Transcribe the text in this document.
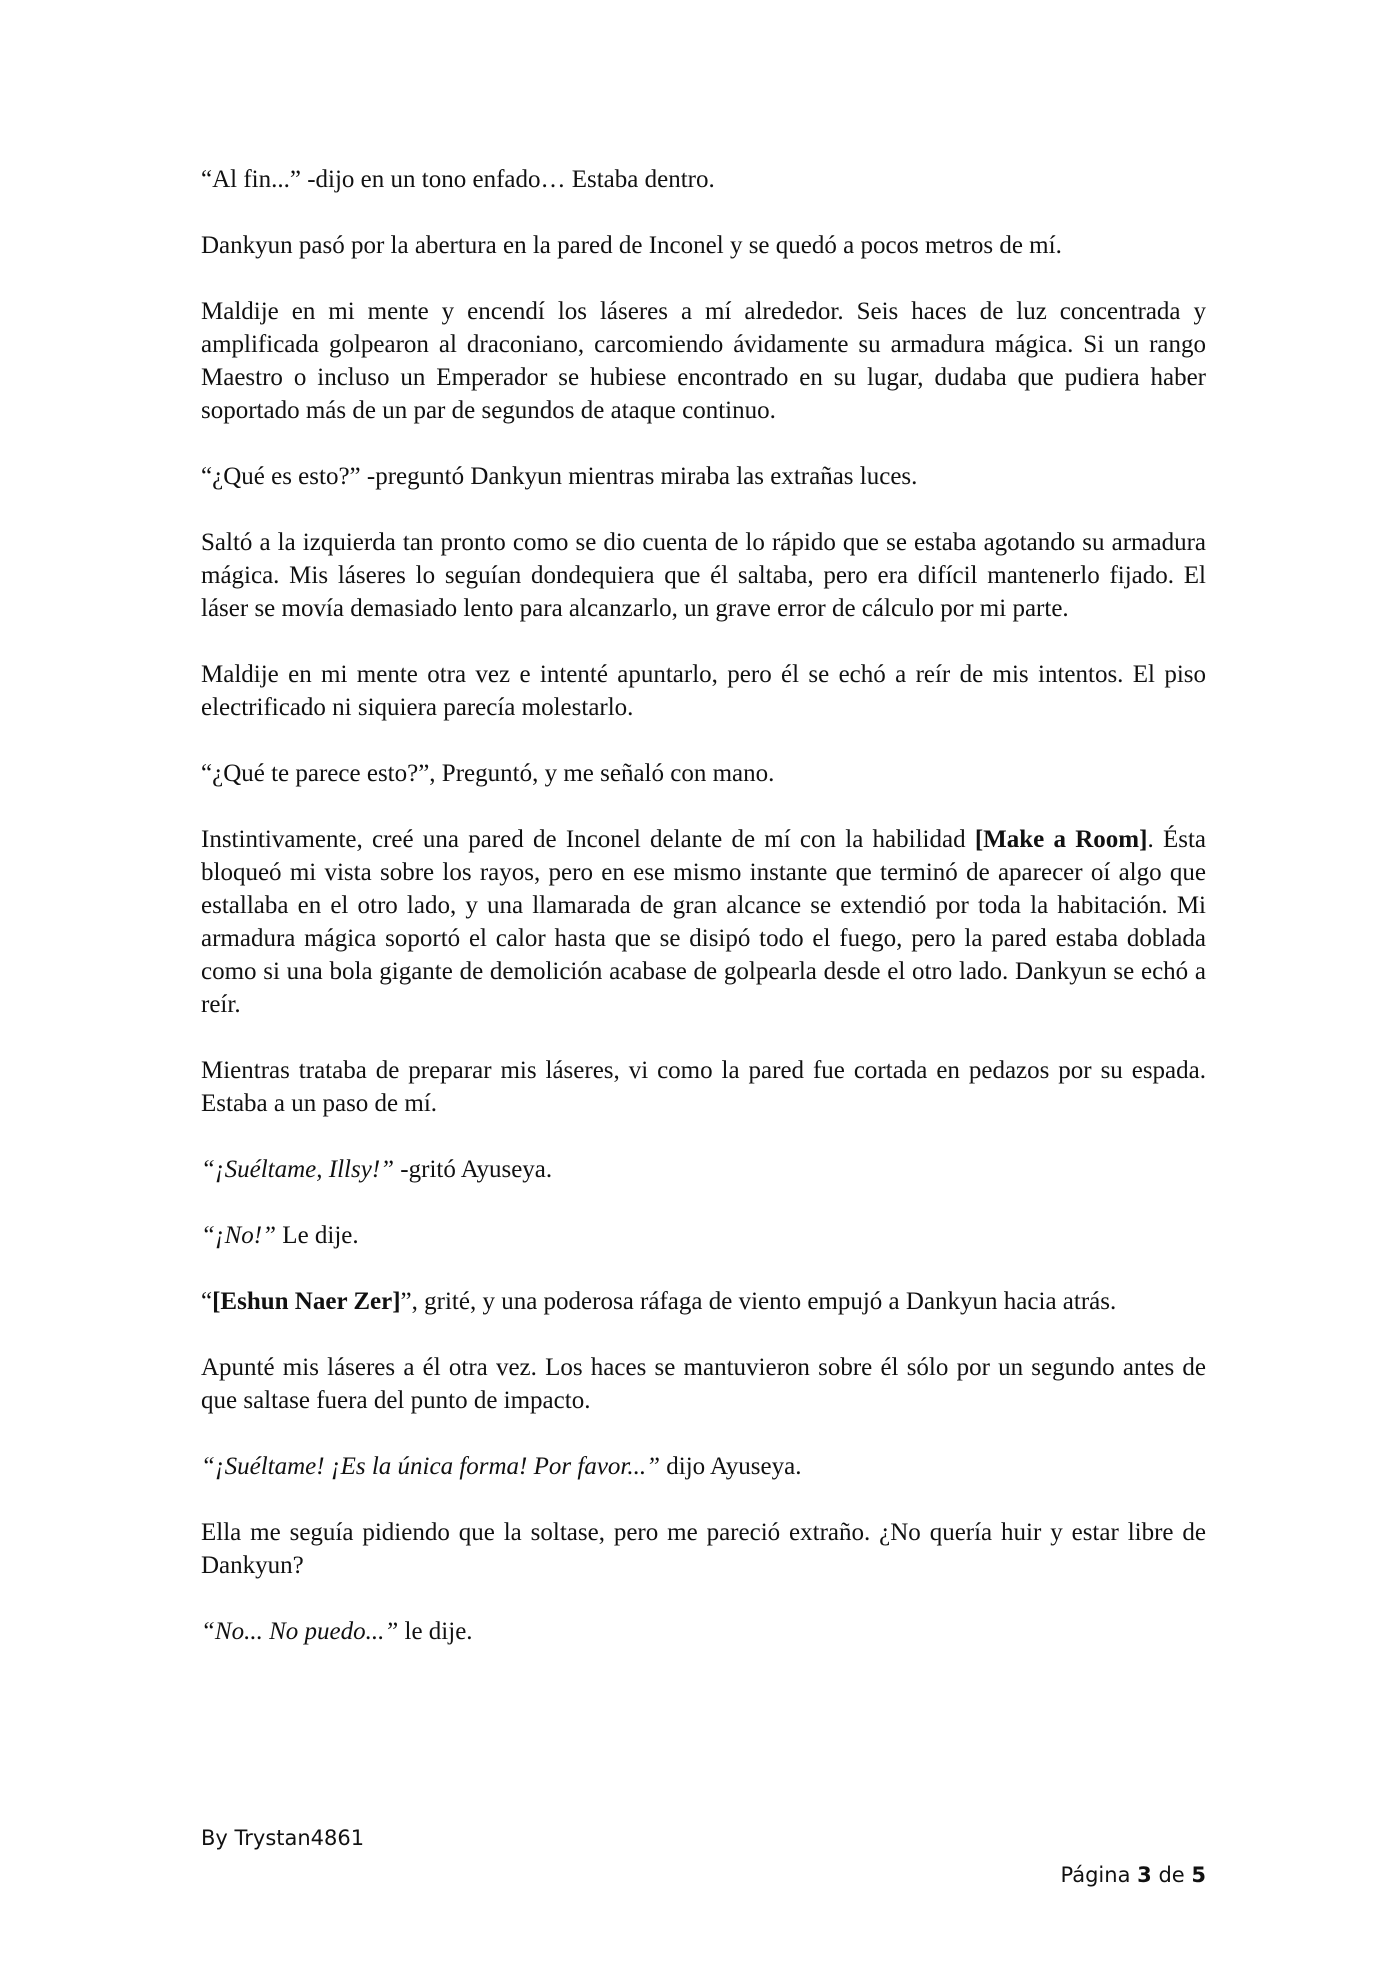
“Al fin...” -dijo en un tono enfado… Estaba dentro.

Dankyun pasó por la abertura en la pared de Inconel y se quedó a pocos metros de mí.

Maldije en mi mente y encendí los láseres a mí alrededor. Seis haces de luz concentrada y amplificada golpearon al draconiano, carcomiendo ávidamente su armadura mágica. Si un rango Maestro o incluso un Emperador se hubiese encontrado en su lugar, dudaba que pudiera haber soportado más de un par de segundos de ataque continuo.

“¿Qué es esto?” -preguntó Dankyun mientras miraba las extrañas luces.

Saltó a la izquierda tan pronto como se dio cuenta de lo rápido que se estaba agotando su armadura mágica. Mis láseres lo seguían dondequiera que él saltaba, pero era difícil mantenerlo fijado. El láser se movía demasiado lento para alcanzarlo, un grave error de cálculo por mi parte.

Maldije en mi mente otra vez e intenté apuntarlo, pero él se echó a reír de mis intentos. El piso electrificado ni siquiera parecía molestarlo.

“¿Qué te parece esto?”, Preguntó, y me señaló con mano.

Instintivamente, creé una pared de Inconel delante de mí con la habilidad [Make a Room]. Ésta bloqueó mi vista sobre los rayos, pero en ese mismo instante que terminó de aparecer oí algo que estallaba en el otro lado, y una llamarada de gran alcance se extendió por toda la habitación. Mi armadura mágica soportó el calor hasta que se disipó todo el fuego, pero la pared estaba doblada como si una bola gigante de demolición acabase de golpearla desde el otro lado. Dankyun se echó a reír.

Mientras trataba de preparar mis láseres, vi como la pared fue cortada en pedazos por su espada. Estaba a un paso de mí.

“¡Suéltame, Illsy!” -gritó Ayuseya.

“¡No!” Le dije.

“[Eshun Naer Zer]”, grité, y una poderosa ráfaga de viento empujó a Dankyun hacia atrás.

Apunté mis láseres a él otra vez. Los haces se mantuvieron sobre él sólo por un segundo antes de que saltase fuera del punto de impacto.

“¡Suéltame! ¡Es la única forma! Por favor...” dijo Ayuseya.

Ella me seguía pidiendo que la soltase, pero me pareció extraño. ¿No quería huir y estar libre de Dankyun?

“No... No puedo...” le dije.

By Trystan4861
Página 3 de 5
